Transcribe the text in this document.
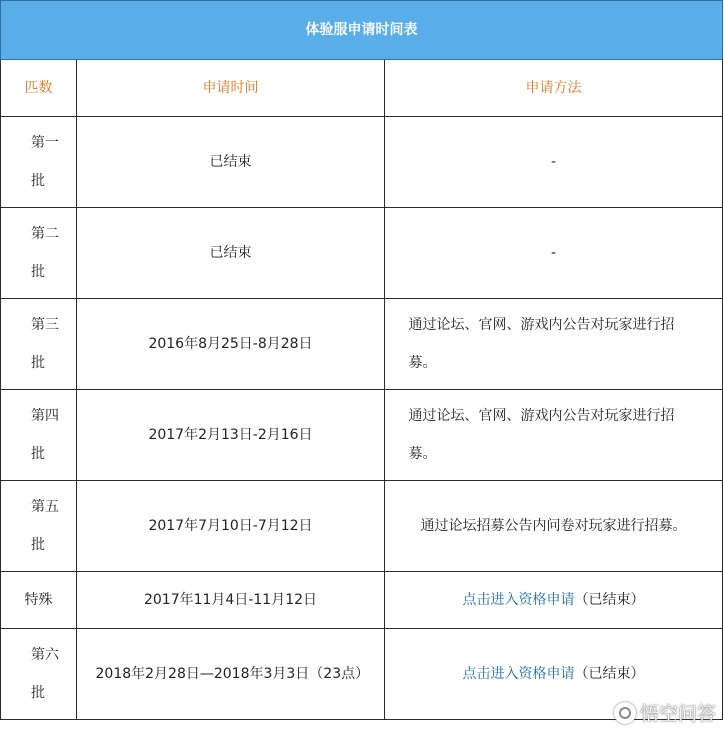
体验服申请时间表		
匹数	申请时间	申请方法

第一批	已结束	-

第二批	已结束	-

第三批	2016年8月25日-8月28日	通过论坛、官网、游戏内公告对玩家进行招募。

第四批	2017年2月13日-2月16日	通过论坛、官网、游戏内公告对玩家进行招募。

第五批	2017年7月10日-7月12日	通过论坛招募公告内问卷对玩家进行招募。
特殊	2017年11月4日-11月12日	点击进入资格申请（已结束）

第六批	2018年2月28日—2018年3月3日（23点）	点击进入资格申请（已结束）
悟空问答
